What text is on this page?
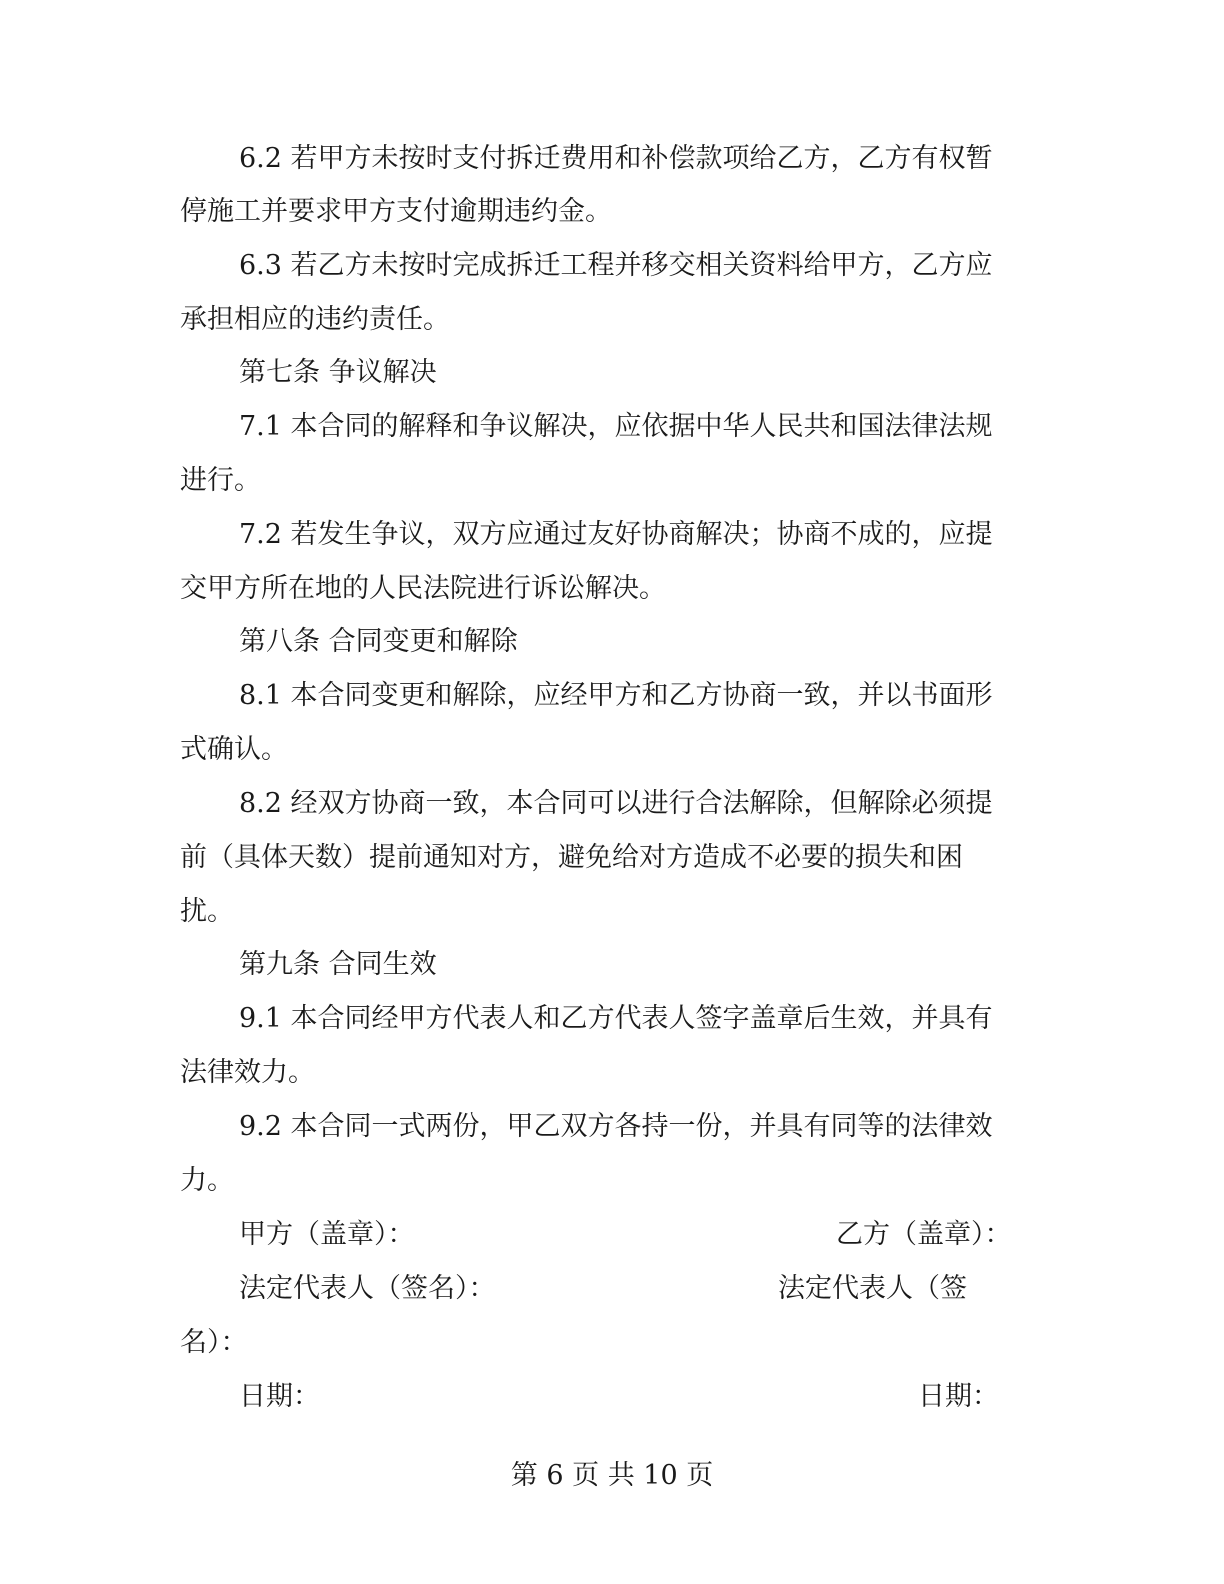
6.2 若甲方未按时支付拆迁费用和补偿款项给乙方，乙方有权暂

停施工并要求甲方支付逾期违约金。

6.3 若乙方未按时完成拆迁工程并移交相关资料给甲方，乙方应

承担相应的违约责任。

第七条 争议解决

7.1 本合同的解释和争议解决，应依据中华人民共和国法律法规

进行。

7.2 若发生争议，双方应通过友好协商解决；协商不成的，应提

交甲方所在地的人民法院进行诉讼解决。

第八条 合同变更和解除

8.1 本合同变更和解除，应经甲方和乙方协商一致，并以书面形

式确认。

8.2 经双方协商一致，本合同可以进行合法解除，但解除必须提

前（具体天数）提前通知对方，避免给对方造成不必要的损失和困

扰。

第九条 合同生效

9.1 本合同经甲方代表人和乙方代表人签字盖章后生效，并具有

法律效力。

9.2 本合同一式两份，甲乙双方各持一份，并具有同等的法律效

力。

甲方（盖章）：	乙方（盖章）：

法定代表人（签名）：	法定代表人（签

名）：

日期：	日期：

第 6 页 共 10 页
